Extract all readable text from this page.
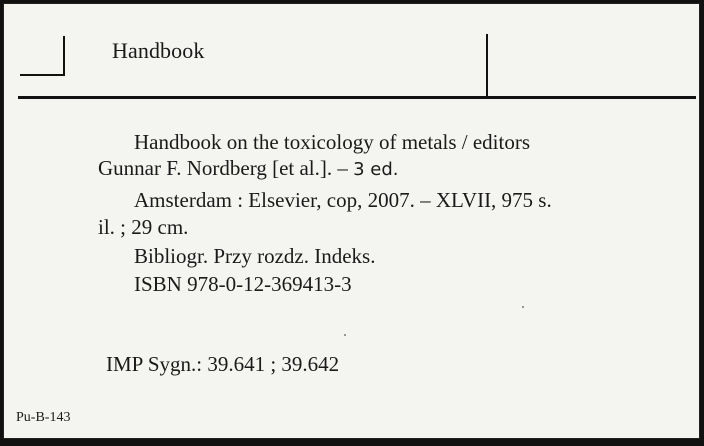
Handbook
Handbook on the toxicology of metals / editors
Gunnar F. Nordberg [et al.]. – 3 ed.
Amsterdam : Elsevier, cop, 2007. – XLVII, 975 s.
il. ; 29 cm.
Bibliogr. Przy rozdz. Indeks.
ISBN 978-0-12-369413-3
IMP Sygn.: 39.641 ; 39.642
Pu-B-143
